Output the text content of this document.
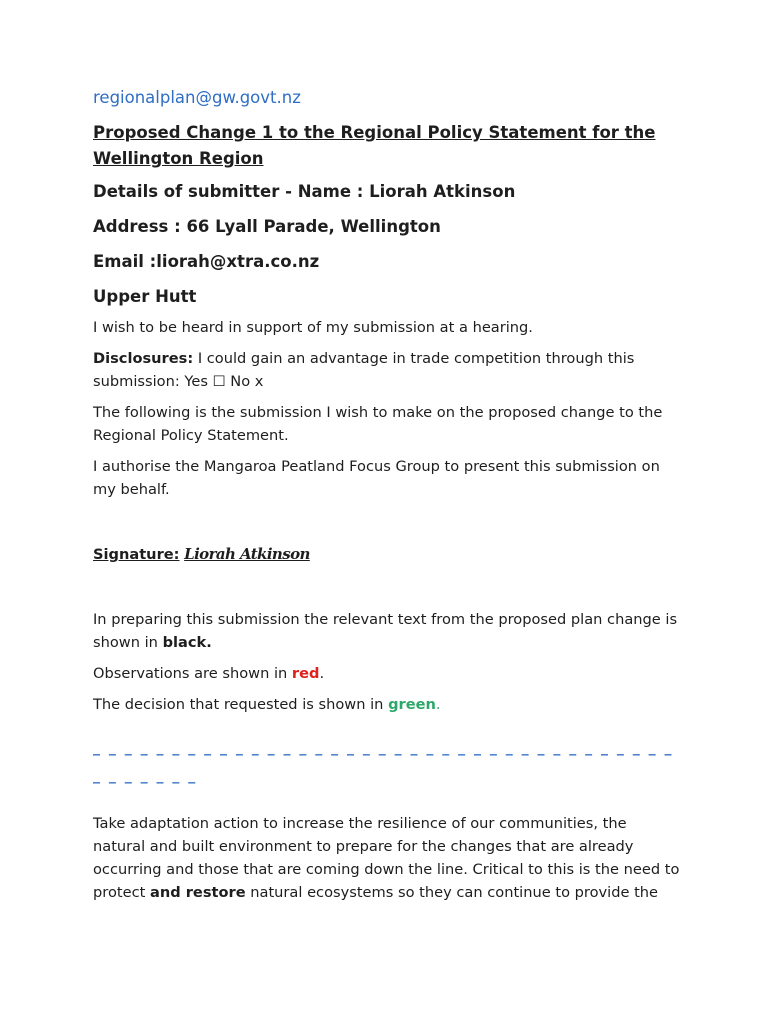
regionalplan@gw.govt.nz

Proposed Change 1 to the Regional Policy Statement for the Wellington Region

Details of submitter - Name : Liorah Atkinson

Address : 66 Lyall Parade, Wellington

Email :liorah@xtra.co.nz

Upper Hutt

I wish to be heard in support of my submission at a hearing.

Disclosures: I could gain an advantage in trade competition through this submission: Yes ☐ No x

The following is the submission I wish to make on the proposed change to the Regional Policy Statement.

I authorise the Mangaroa Peatland Focus Group to present this submission on my behalf.

Signature: Liorah Atkinson

In preparing this submission the relevant text from the proposed plan change is shown in black.

Observations are shown in red.

The decision that requested is shown in green.

_ _ _ _ _ _ _ _ _ _ _ _ _ _ _ _ _ _ _ _ _ _ _ _ _ _ _ _ _ _ _ _ _ _ _ _ _

_ _ _ _ _ _ _

Take adaptation action to increase the resilience of our communities, the natural and built environment to prepare for the changes that are already occurring and those that are coming down the line. Critical to this is the need to protect and restore natural ecosystems so they can continue to provide the
